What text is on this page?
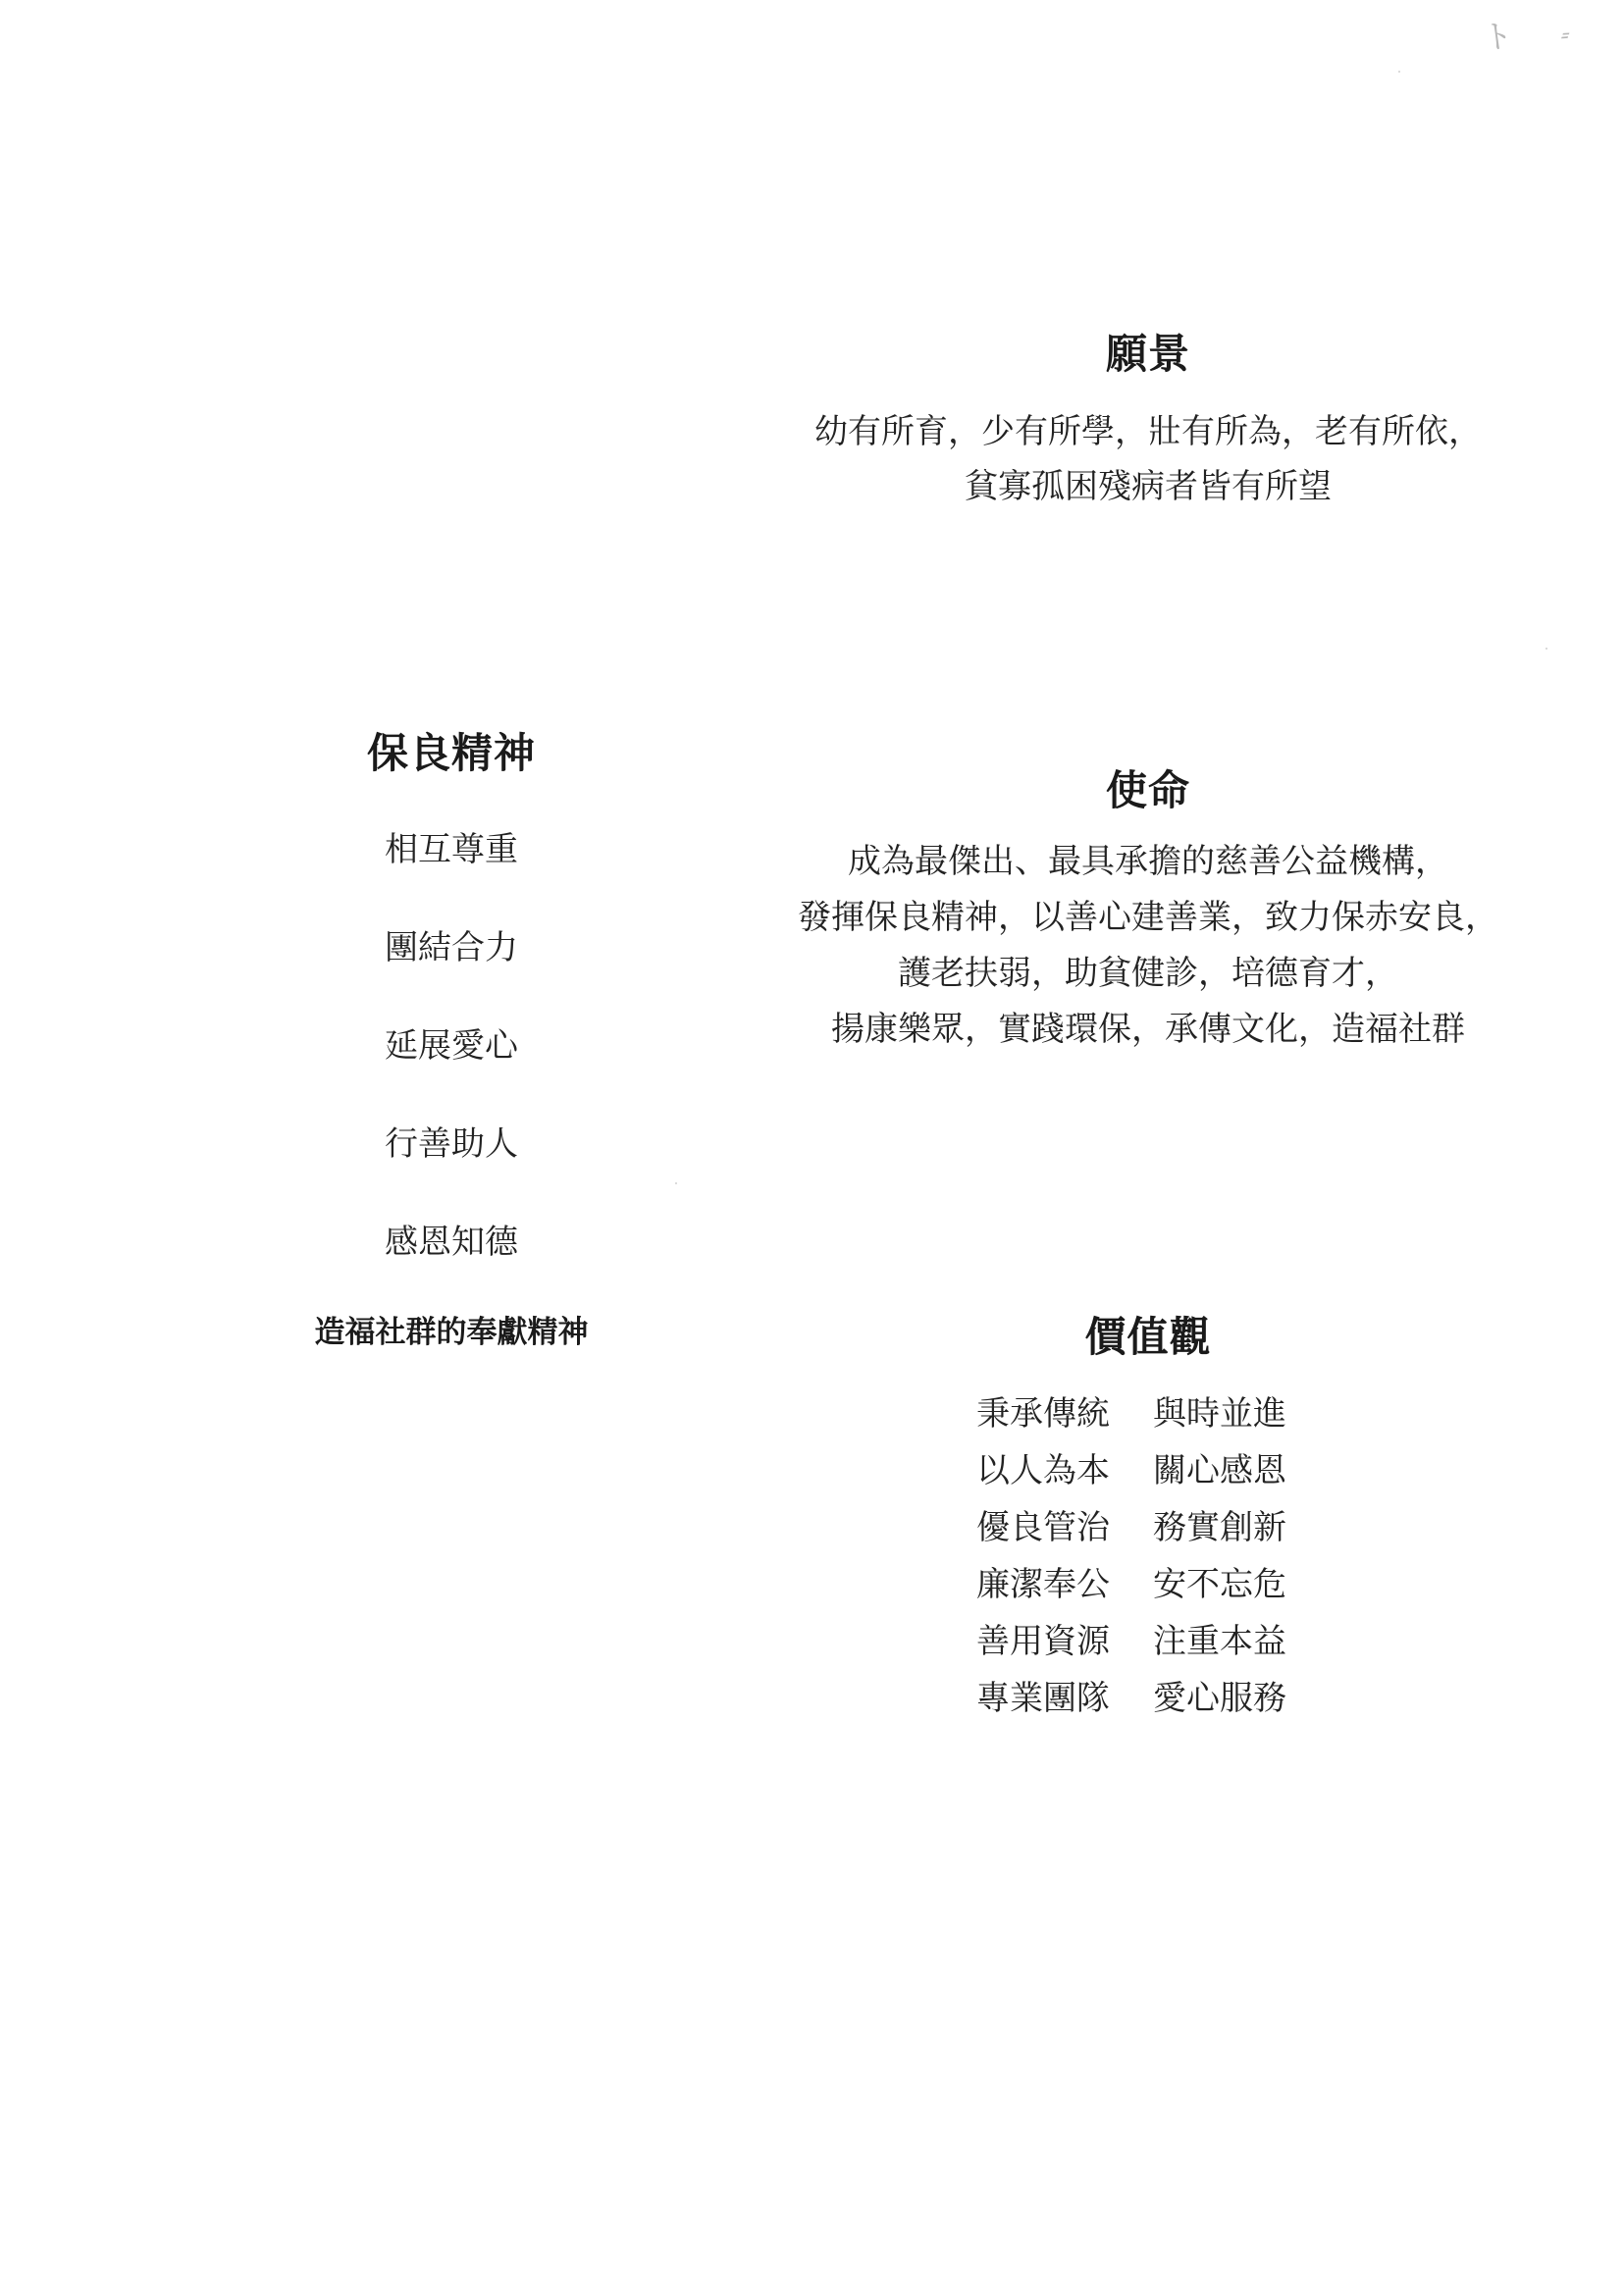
ﾄ ⸗
願景
幼有所育，少有所學，壯有所為，老有所依，
貧寡孤困殘病者皆有所望
保良精神
相互尊重
團結合力
延展愛心
行善助人
感恩知德
造福社群的奉獻精神
使命
成為最傑出、最具承擔的慈善公益機構，
發揮保良精神，以善心建善業，致力保赤安良，
護老扶弱，助貧健診，培德育才，
揚康樂眾，實踐環保，承傳文化，造福社群
價值觀
秉承傳統	與時並進
以人為本	關心感恩
優良管治	務實創新
廉潔奉公	安不忘危
善用資源	注重本益
專業團隊	愛心服務
